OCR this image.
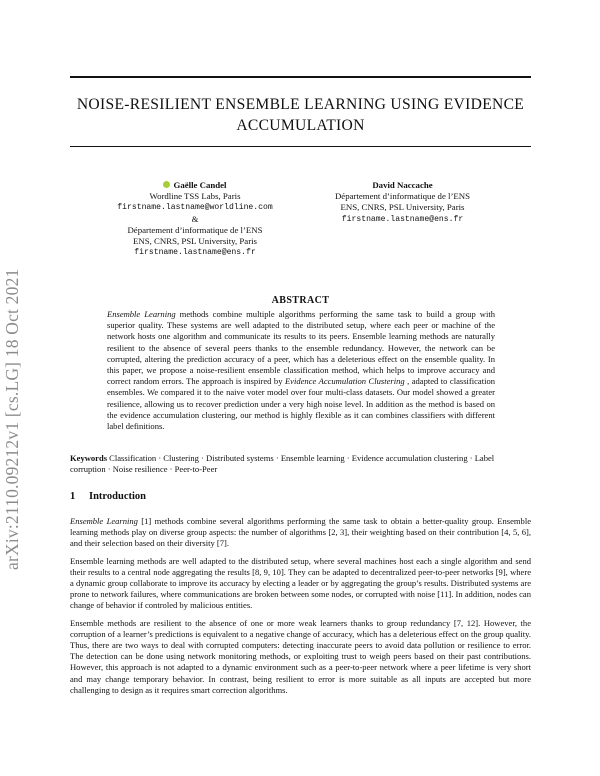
arXiv:2110.09212v1 [cs.LG] 18 Oct 2021
NOISE-RESILIENT ENSEMBLE LEARNING USING EVIDENCE
ACCUMULATION
Gaëlle Candel
Wordline TSS Labs, Paris
firstname.lastname@worldline.com
&
Département d’informatique de l’ENS
ENS, CNRS, PSL University, Paris
firstname.lastname@ens.fr
David Naccache
Département d’informatique de l’ENS
ENS, CNRS, PSL University, Paris
firstname.lastname@ens.fr
ABSTRACT

Ensemble Learning methods combine multiple algorithms performing the same task to build a group with superior quality. These systems are well adapted to the distributed setup, where each peer or machine of the network hosts one algorithm and communicate its results to its peers. Ensemble learning methods are naturally resilient to the absence of several peers thanks to the ensemble redundancy. However, the network can be corrupted, altering the prediction accuracy of a peer, which has a deleterious effect on the ensemble quality. In this paper, we propose a noise-resilient ensemble classification method, which helps to improve accuracy and correct random errors. The approach is inspired by Evidence Accumulation Clustering , adapted to classification ensembles. We compared it to the naive voter model over four multi-class datasets. Our model showed a greater resilience, allowing us to recover prediction under a very high noise level. In addition as the method is based on the evidence accumulation clustering, our method is highly flexible as it can combines classifiers with different label definitions.

Keywords Classification · Clustering · Distributed systems · Ensemble learning · Evidence accumulation clustering · Label corruption · Noise resilience · Peer-to-Peer

1 Introduction

Ensemble Learning [1] methods combine several algorithms performing the same task to obtain a better-quality group. Ensemble learning methods play on diverse group aspects: the number of algorithms [2, 3], their weighting based on their contribution [4, 5, 6], and their selection based on their diversity [7].

Ensemble learning methods are well adapted to the distributed setup, where several machines host each a single algorithm and send their results to a central node aggregating the results [8, 9, 10]. They can be adapted to decentralized peer-to-peer networks [9], where a dynamic group collaborate to improve its accuracy by electing a leader or by aggregating the group’s results. Distributed systems are prone to network failures, where communications are broken between some nodes, or corrupted with noise [11]. In addition, nodes can change of behavior if controled by malicious entities.

Ensemble methods are resilient to the absence of one or more weak learners thanks to group redundancy [7, 12]. However, the corruption of a learner’s predictions is equivalent to a negative change of accuracy, which has a deleterious effect on the group quality. Thus, there are two ways to deal with corrupted computers: detecting inaccurate peers to avoid data pollution or resilience to error. The detection can be done using network monitoring methods, or exploiting trust to weigh peers based on their past contributions. However, this approach is not adapted to a dynamic environment such as a peer-to-peer network where a peer lifetime is very short and may change temporary behavior. In contrast, being resilient to error is more suitable as all inputs are accepted but more challenging to design as it requires smart correction algorithms.
